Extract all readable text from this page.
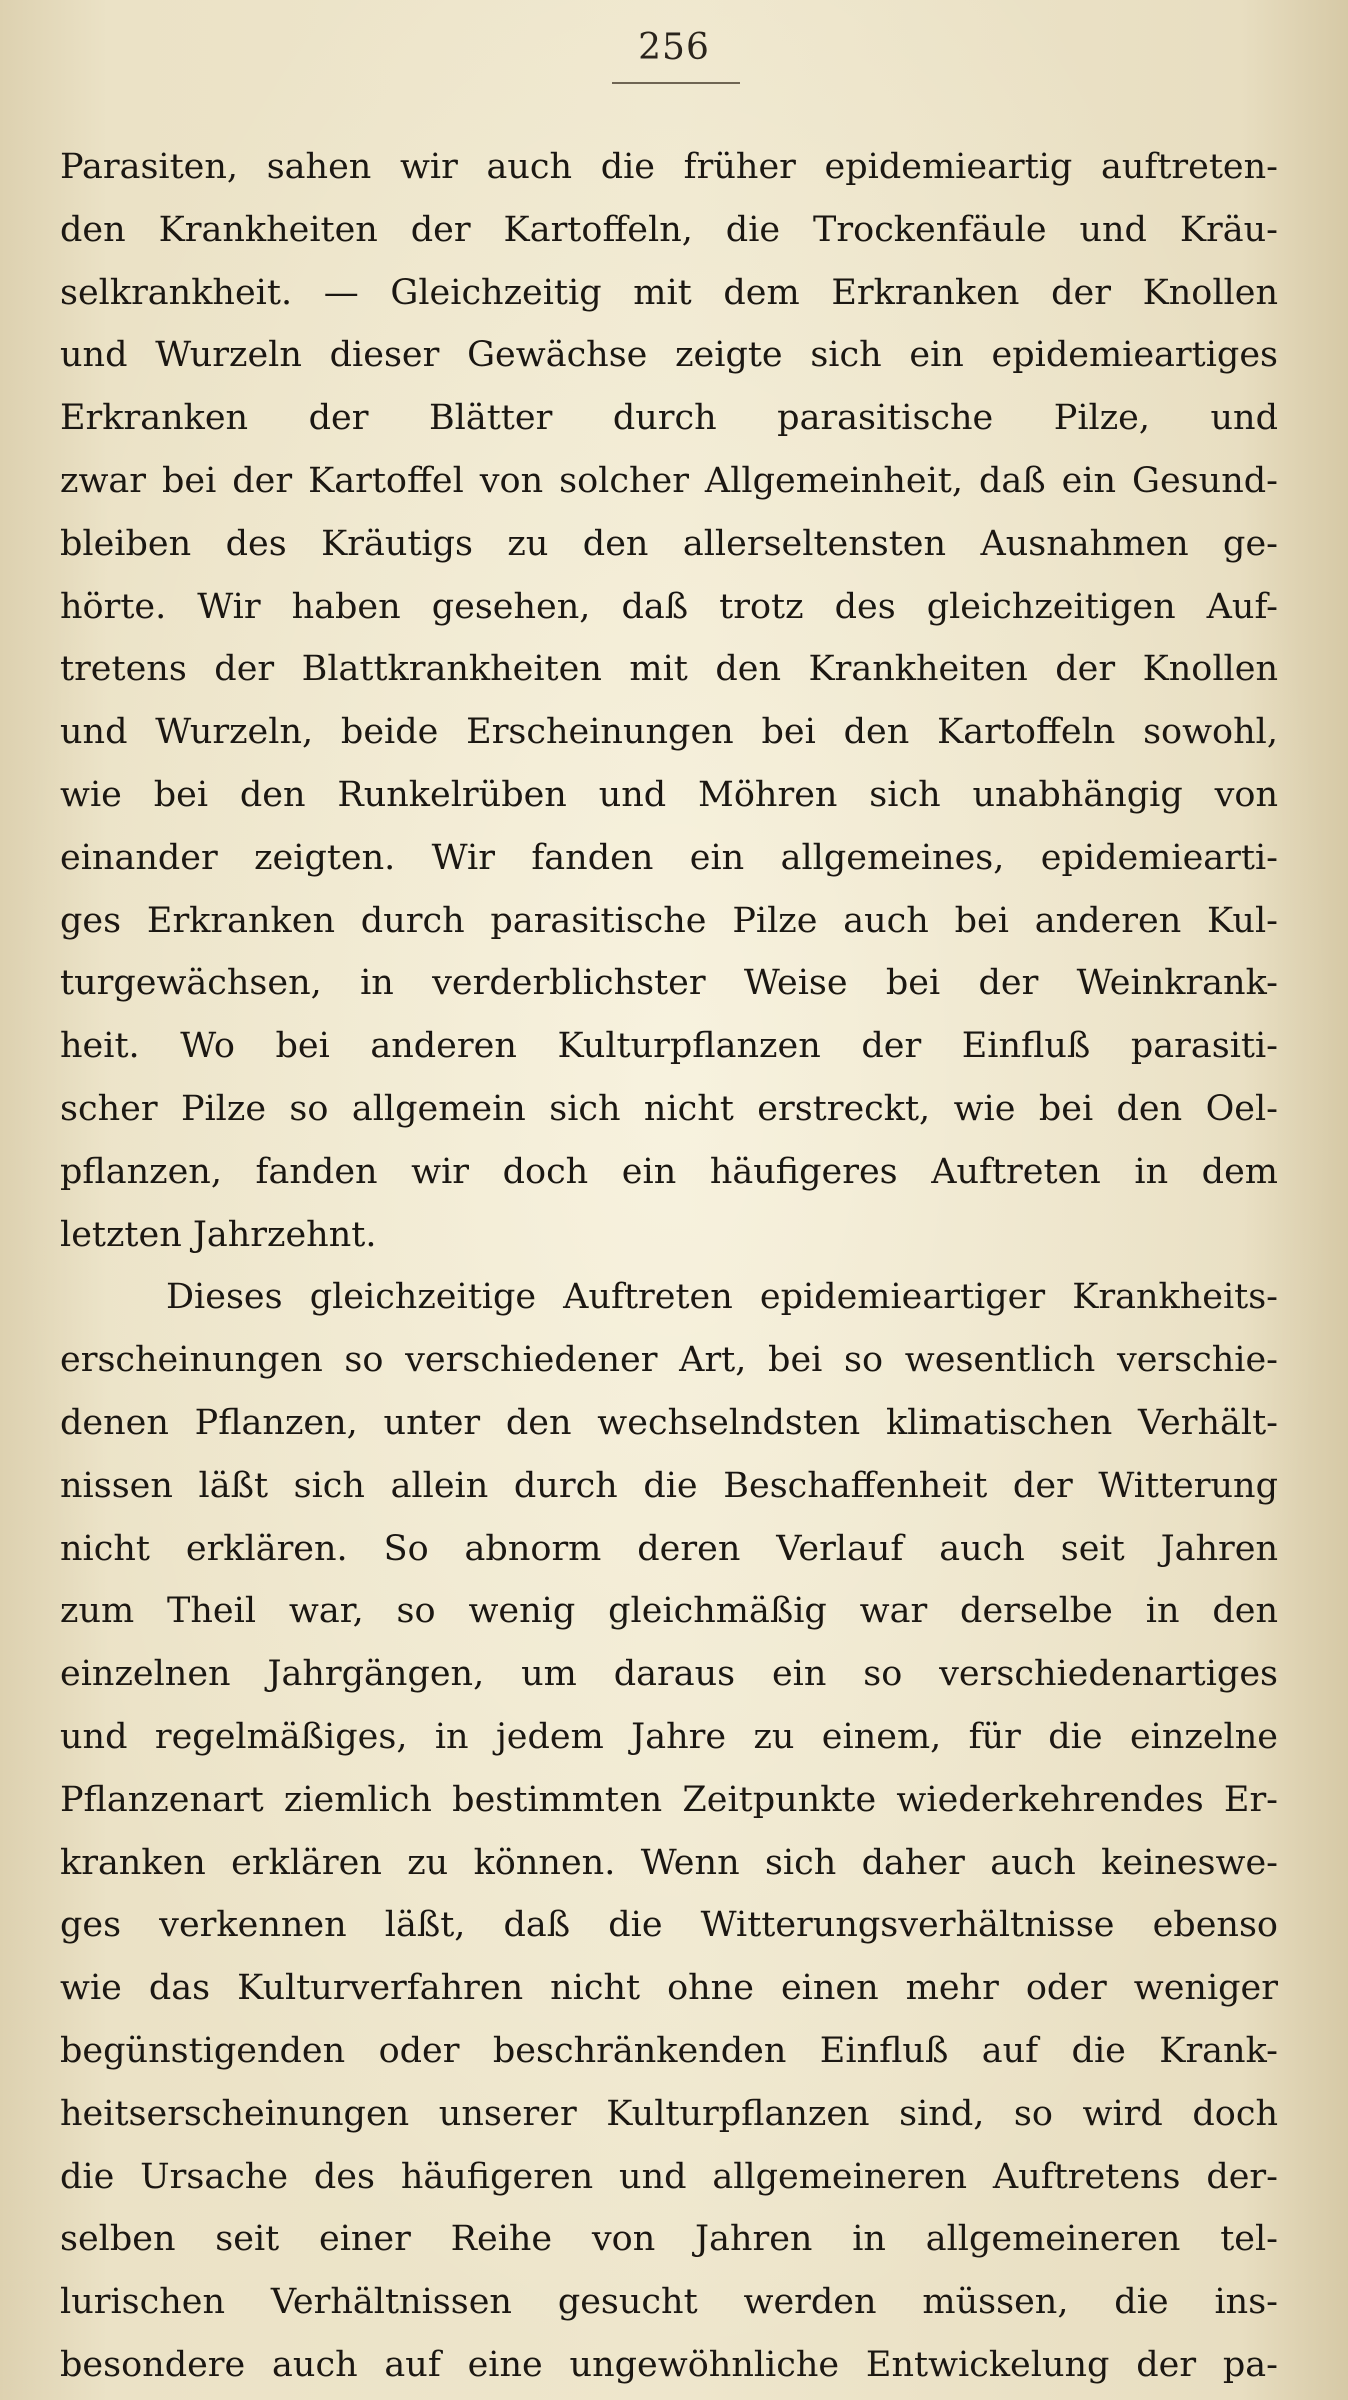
256
Parasiten, sahen wir auch die früher epidemieartig auftreten-
den Krankheiten der Kartoffeln, die Trockenfäule und Kräu-
selkrankheit. — Gleichzeitig mit dem Erkranken der Knollen
und Wurzeln dieser Gewächse zeigte sich ein epidemieartiges
Erkranken der Blätter durch parasitische Pilze, und
zwar bei der Kartoffel von solcher Allgemeinheit, daß ein Gesund-
bleiben des Kräutigs zu den allerseltensten Ausnahmen ge-
hörte. Wir haben gesehen, daß trotz des gleichzeitigen Auf-
tretens der Blattkrankheiten mit den Krankheiten der Knollen
und Wurzeln, beide Erscheinungen bei den Kartoffeln sowohl,
wie bei den Runkelrüben und Möhren sich unabhängig von
einander zeigten. Wir fanden ein allgemeines, epidemiearti-
ges Erkranken durch parasitische Pilze auch bei anderen Kul-
turgewächsen, in verderblichster Weise bei der Weinkrank-
heit. Wo bei anderen Kulturpflanzen der Einfluß parasiti-
scher Pilze so allgemein sich nicht erstreckt, wie bei den Oel-
pflanzen, fanden wir doch ein häufigeres Auftreten in dem
letzten Jahrzehnt.
Dieses gleichzeitige Auftreten epidemieartiger Krankheits-
erscheinungen so verschiedener Art, bei so wesentlich verschie-
denen Pflanzen, unter den wechselndsten klimatischen Verhält-
nissen läßt sich allein durch die Beschaffenheit der Witterung
nicht erklären. So abnorm deren Verlauf auch seit Jahren
zum Theil war, so wenig gleichmäßig war derselbe in den
einzelnen Jahrgängen, um daraus ein so verschiedenartiges
und regelmäßiges, in jedem Jahre zu einem, für die einzelne
Pflanzenart ziemlich bestimmten Zeitpunkte wiederkehrendes Er-
kranken erklären zu können. Wenn sich daher auch keineswe-
ges verkennen läßt, daß die Witterungsverhältnisse ebenso
wie das Kulturverfahren nicht ohne einen mehr oder weniger
begünstigenden oder beschränkenden Einfluß auf die Krank-
heitserscheinungen unserer Kulturpflanzen sind, so wird doch
die Ursache des häufigeren und allgemeineren Auftretens der-
selben seit einer Reihe von Jahren in allgemeineren tel-
lurischen Verhältnissen gesucht werden müssen, die ins-
besondere auch auf eine ungewöhnliche Entwickelung der pa-
